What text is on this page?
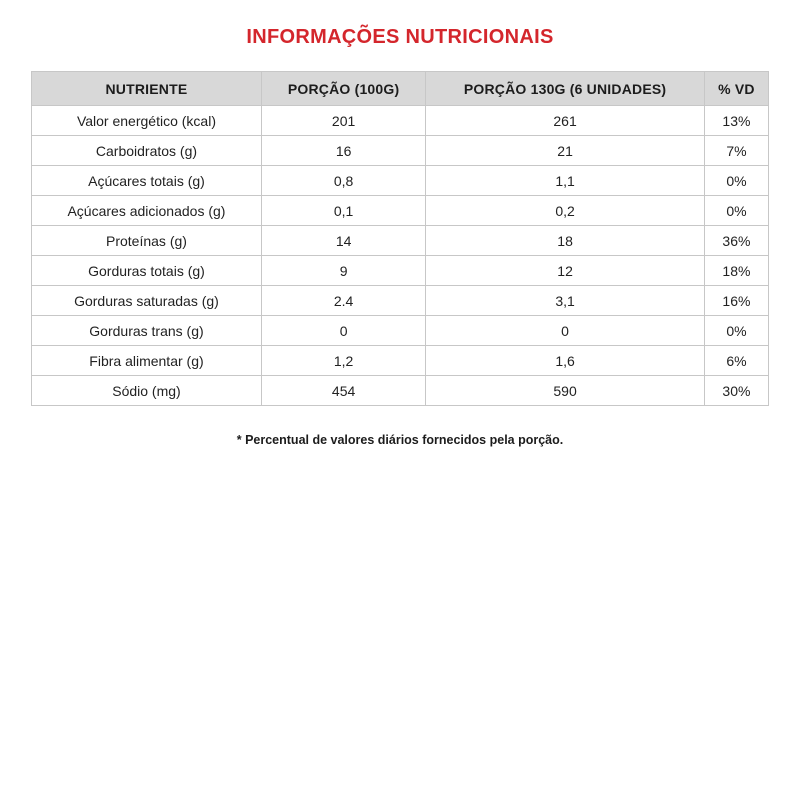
INFORMAÇÕES NUTRICIONAIS
NUTRIENTE	PORÇÃO (100G)	PORÇÃO 130G (6 UNIDADES)	% VD
Valor energético (kcal)	201	261	13%
Carboidratos (g)	16	21	7%
Açúcares totais (g)	0,8	1,1	0%
Açúcares adicionados (g)	0,1	0,2	0%
Proteínas (g)	14	18	36%
Gorduras totais (g)	9	12	18%
Gorduras saturadas (g)	2.4	3,1	16%
Gorduras trans (g)	0	0	0%
Fibra alimentar (g)	1,2	1,6	6%
Sódio (mg)	454	590	30%
* Percentual de valores diários fornecidos pela porção.
